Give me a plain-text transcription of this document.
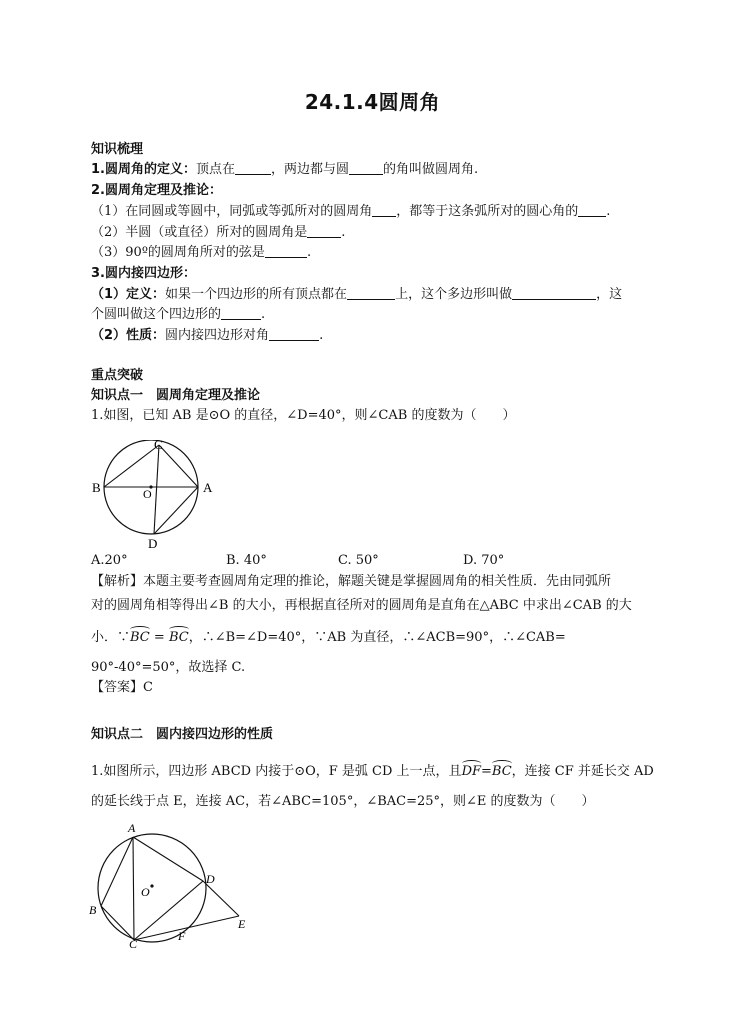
24.1.4圆周角
知识梳理
1.圆周角的定义：顶点在	，两边都与圆	的角叫做圆周角.
2.圆周角定理及推论：
（1）在同圆或等圆中，同弧或等弧所对的圆周角 ，都等于这条弧所对的圆心角的 .
（2）半圆（或直径）所对的圆周角是	.
（3）90º的圆周角所对的弦是	.
3.圆内接四边形：
（1）定义：如果一个四边形的所有顶点都在	上，这个多边形叫做	，这
个圆叫做这个四边形的	.
（2）性质：圆内接四边形对角	.
重点突破
知识点一　圆周角定理及推论
1.如图，已知 AB 是⊙O 的直径，∠D=40°，则∠CAB 的度数为（　　）
B	A
C
O
D
A.20°	B. 40°	C. 50°	D. 70°
【解析】本题主要考查圆周角定理的推论，解题关键是掌握圆周角的相关性质．先由同弧所
对的圆周角相等得出∠B 的大小，再根据直径所对的圆周角是直角在△ABC 中求出∠CAB 的大
小．∵BC = BC，∴∠B=∠D=40°，∵AB 为直径，∴∠ACB=90°，∴∠CAB=
90°-40°=50°，故选择 C.
【答案】C
知识点二　圆内接四边形的性质
1.如图所示，四边形 ABCD 内接于⊙O，F 是弧 CD 上一点，且DF=BC，连接 CF 并延长交 AD
的延长线于点 E，连接 AC，若∠ABC=105°，∠BAC=25°，则∠E 的度数为（　　）
A
B
C
D
E
F
O
